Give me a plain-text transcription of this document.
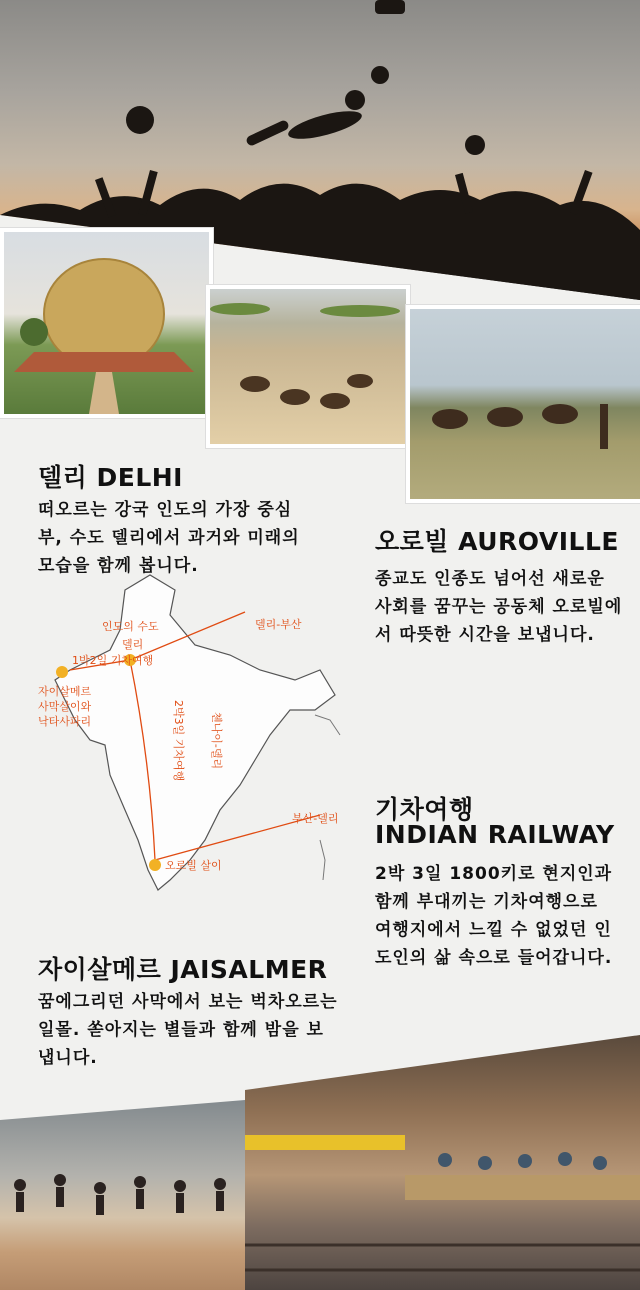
델리 DELHI
떠오르는 강국 인도의 가장 중심부, 수도 델리에서 과거와 미래의 모습을 함께 봅니다.
오로빌 AUROVILLE
종교도 인종도 넘어선 새로운 사회를 꿈꾸는 공동체 오로빌에서 따뜻한 시간을 보냅니다.
인도의 수도
델리
1박2일 기차여행
자이살메르
사막살이와
낙타사파리	첸나이-델리
2박3일 기차여행
델리-부산
부산-델리
오로빌 살이
기차여행
INDIAN RAILWAY
2박 3일 1800키로 현지인과 함께 부대끼는 기차여행으로 여행지에서 느낄 수 없었던 인도인의 삶 속으로 들어갑니다.
자이살메르 JAISALMER
꿈에그리던 사막에서 보는 벅차오르는 일몰. 쏟아지는 별들과 함께 밤을 보냅니다.
